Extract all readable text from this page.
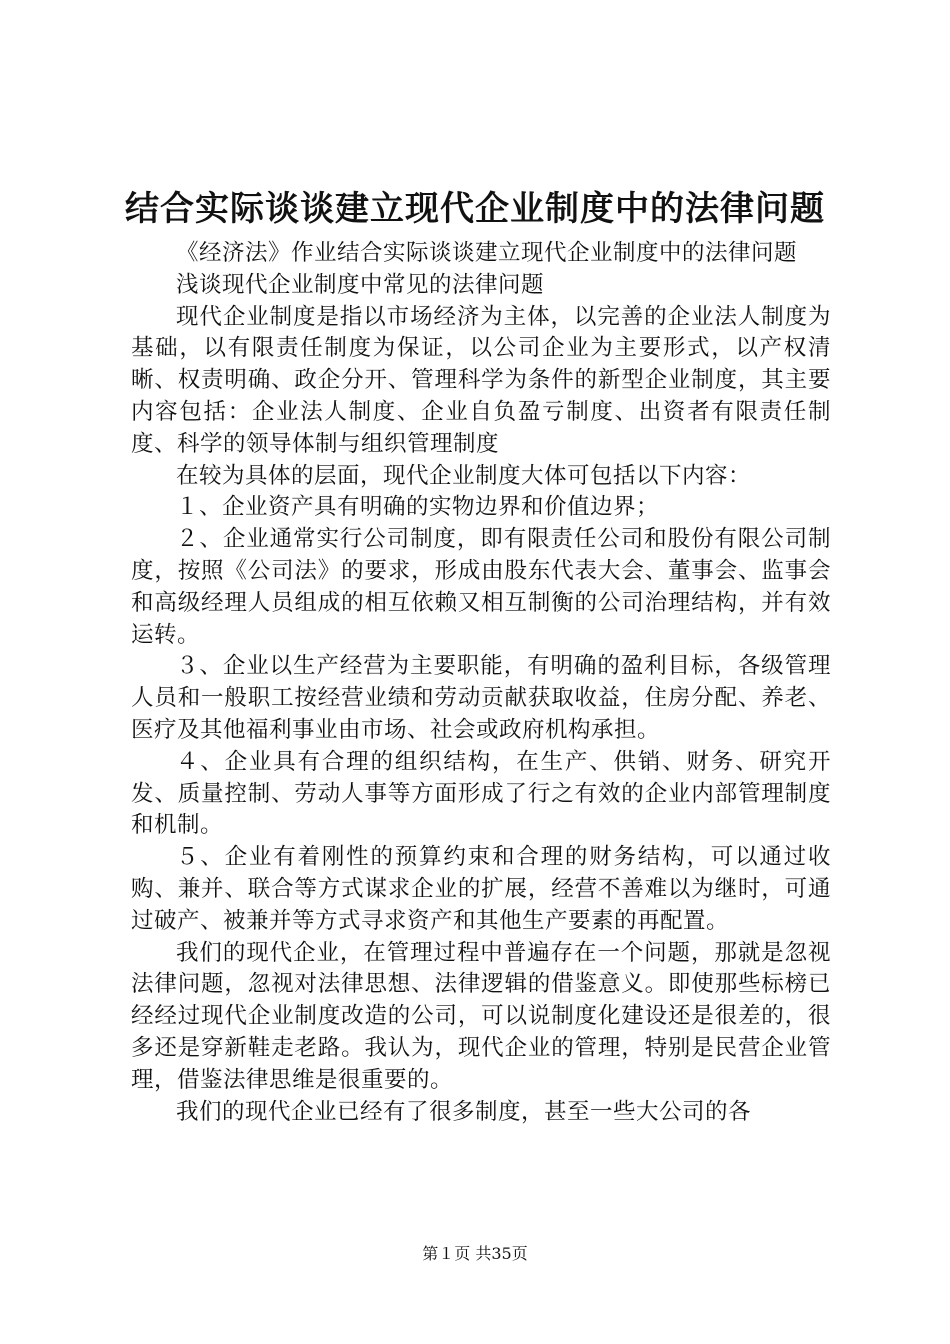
结合实际谈谈建立现代企业制度中的法律问题

《经济法》作业结合实际谈谈建立现代企业制度中的法律问题

浅谈现代企业制度中常见的法律问题

现代企业制度是指以市场经济为主体，以完善的企业法人制度为基础，以有限责任制度为保证，以公司企业为主要形式，以产权清晰、权责明确、政企分开、管理科学为条件的新型企业制度，其主要内容包括：企业法人制度、企业自负盈亏制度、出资者有限责任制度、科学的领导体制与组织管理制度

在较为具体的层面，现代企业制度大体可包括以下内容：

１、企业资产具有明确的实物边界和价值边界；

２、企业通常实行公司制度，即有限责任公司和股份有限公司制度，按照《公司法》的要求，形成由股东代表大会、董事会、监事会和高级经理人员组成的相互依赖又相互制衡的公司治理结构，并有效运转。

３、企业以生产经营为主要职能，有明确的盈利目标，各级管理人员和一般职工按经营业绩和劳动贡献获取收益，住房分配、养老、医疗及其他福利事业由市场、社会或政府机构承担。

４、企业具有合理的组织结构，在生产、供销、财务、研究开发、质量控制、劳动人事等方面形成了行之有效的企业内部管理制度和机制。

５、企业有着刚性的预算约束和合理的财务结构，可以通过收购、兼并、联合等方式谋求企业的扩展，经营不善难以为继时，可通过破产、被兼并等方式寻求资产和其他生产要素的再配置。

我们的现代企业，在管理过程中普遍存在一个问题，那就是忽视法律问题，忽视对法律思想、法律逻辑的借鉴意义。即使那些标榜已经经过现代企业制度改造的公司，可以说制度化建设还是很差的，很多还是穿新鞋走老路。我认为，现代企业的管理，特别是民营企业管理，借鉴法律思维是很重要的。

我们的现代企业已经有了很多制度，甚至一些大公司的各

第１页 共35页
